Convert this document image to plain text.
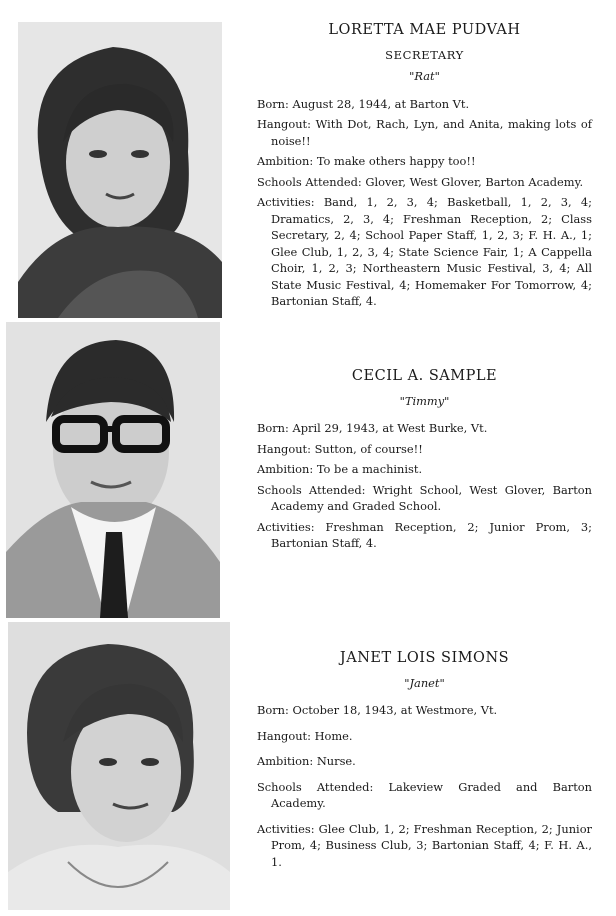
LORETTA MAE PUDVAH
SECRETARY
"Rat"
Born: August 28, 1944, at Barton Vt.
Hangout: With Dot, Rach, Lyn, and Anita, making lots of noise!!
Ambition: To make others happy too!!
Schools Attended: Glover, West Glover, Barton Academy.
Activities: Band, 1, 2, 3, 4; Basketball, 1, 2, 3, 4; Dramatics, 2, 3, 4; Freshman Reception, 2; Class Secretary, 2, 4; School Paper Staff, 1, 2, 3; F. H. A., 1; Glee Club, 1, 2, 3, 4; State Science Fair, 1; A Cappella Choir, 1, 2, 3; Northeastern Music Festival, 3, 4; All State Music Festival, 4; Homemaker For Tomorrow, 4; Bartonian Staff, 4.
CECIL A. SAMPLE
"Timmy"
Born: April 29, 1943, at West Burke, Vt.
Hangout: Sutton, of course!!
Ambition: To be a machinist.
Schools Attended: Wright School, West Glover, Barton Academy and Graded School.
Activities: Freshman Reception, 2; Junior Prom, 3; Bartonian Staff, 4.
JANET LOIS SIMONS
"Janet"
Born: October 18, 1943, at Westmore, Vt.
Hangout: Home.
Ambition: Nurse.
Schools Attended: Lakeview Graded and Barton Academy.
Activities: Glee Club, 1, 2; Freshman Reception, 2; Junior Prom, 4; Business Club, 3; Bartonian Staff, 4; F. H. A., 1.
